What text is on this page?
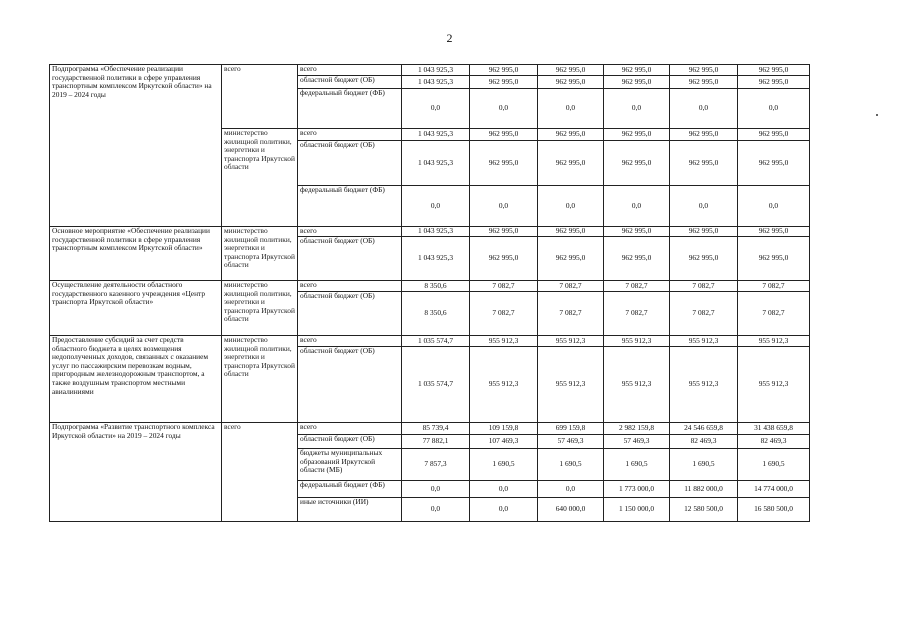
2
Подпрограмма «Обеспечение реализации государственной политики в сфере управления транспортным комплексом Иркутской области» на 2019 – 2024 годы	всего	всего	1 043 925,3	962 995,0	962 995,0	962 995,0	962 995,0	962 995,0
		областной бюджет (ОБ)	1 043 925,3	962 995,0	962 995,0	962 995,0	962 995,0	962 995,0
		федеральный бюджет (ФБ)	0,0	0,0	0,0	0,0	0,0	0,0
	министерство жилищной политики, энергетики и транспорта Иркутской области	всего	1 043 925,3	962 995,0	962 995,0	962 995,0	962 995,0	962 995,0
		областной бюджет (ОБ)	1 043 925,3	962 995,0	962 995,0	962 995,0	962 995,0	962 995,0
		федеральный бюджет (ФБ)	0,0	0,0	0,0	0,0	0,0	0,0
Основное мероприятие «Обеспечение реализации государственной политики в сфере управления транспортным комплексом Иркутской области»	министерство жилищной политики, энергетики и транспорта Иркутской области	всего	1 043 925,3	962 995,0	962 995,0	962 995,0	962 995,0	962 995,0
		областной бюджет (ОБ)	1 043 925,3	962 995,0	962 995,0	962 995,0	962 995,0	962 995,0
Осуществление деятельности областного государственного казенного учреждения «Центр транспорта Иркутской области»	министерство жилищной политики, энергетики и транспорта Иркутской области	всего	8 350,6	7 082,7	7 082,7	7 082,7	7 082,7	7 082,7
		областной бюджет (ОБ)	8 350,6	7 082,7	7 082,7	7 082,7	7 082,7	7 082,7
Предоставление субсидий за счет средств областного бюджета в целях возмещения недополученных доходов, связанных с оказанием услуг по пассажирским перевозкам водным, пригородным железнодорожным транспортом, а также воздушным транспортом местными авиалиниями	министерство жилищной политики, энергетики и транспорта Иркутской области	всего	1 035 574,7	955 912,3	955 912,3	955 912,3	955 912,3	955 912,3
		областной бюджет (ОБ)	1 035 574,7	955 912,3	955 912,3	955 912,3	955 912,3	955 912,3
Подпрограмма «Развитие транспортного комплекса Иркутской области» на 2019 – 2024 годы	всего	всего	85 739,4	109 159,8	699 159,8	2 982 159,8	24 546 659,8	31 438 659,8
		областной бюджет (ОБ)	77 882,1	107 469,3	57 469,3	57 469,3	82 469,3	82 469,3
		бюджеты муниципальных образований Иркутской области (МБ)	7 857,3	1 690,5	1 690,5	1 690,5	1 690,5	1 690,5
		федеральный бюджет (ФБ)	0,0	0,0	0,0	1 773 000,0	11 882 000,0	14 774 000,0
		иные источники (ИИ)	0,0	0,0	640 000,0	1 150 000,0	12 580 500,0	16 580 500,0
